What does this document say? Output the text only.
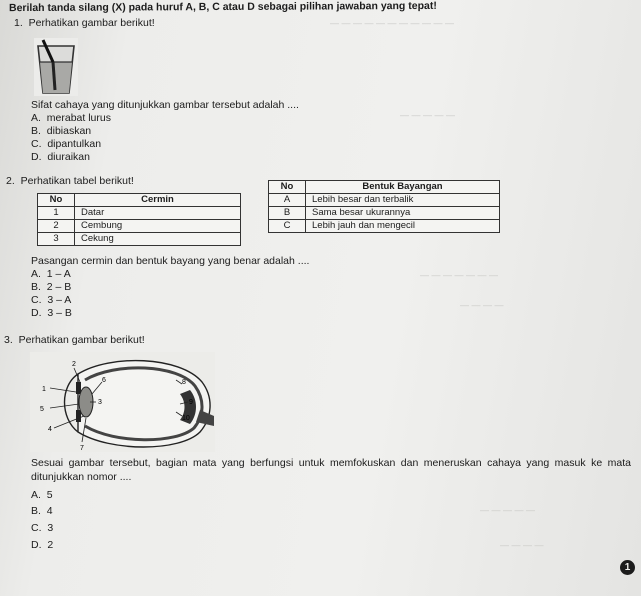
— — — — — — — — — — —
— — — — —
— — — — — — —
— — — —
— — — — —
— — — —
Berilah tanda silang (X) pada huruf A, B, C atau D sebagai pilihan jawaban yang tepat!
1. Perhatikan gambar berikut!
Sifat cahaya yang ditunjukkan gambar tersebut adalah ....
A. merabat lurus
B. dibiaskan
C. dipantulkan
D. diuraikan
2. Perhatikan tabel berikut!
No	Cermin
1	Datar
2	Cembung
3	Cekung
No	Bentuk Bayangan
A	Lebih besar dan terbalik
B	Sama besar ukurannya
C	Lebih jauh dan mengecil
Pasangan cermin dan bentuk bayang yang benar adalah ....
A. 1 – A
B. 2 – B
C. 3 – A
D. 3 – B
3. Perhatikan gambar berikut!
2
1
5
4
6
3
7
8
9
10
Sesuai gambar tersebut, bagian mata yang berfungsi untuk memfokuskan dan meneruskan cahaya yang masuk ke mata ditunjukkan nomor ....
A. 5
B. 4
C. 3
D. 2
1
